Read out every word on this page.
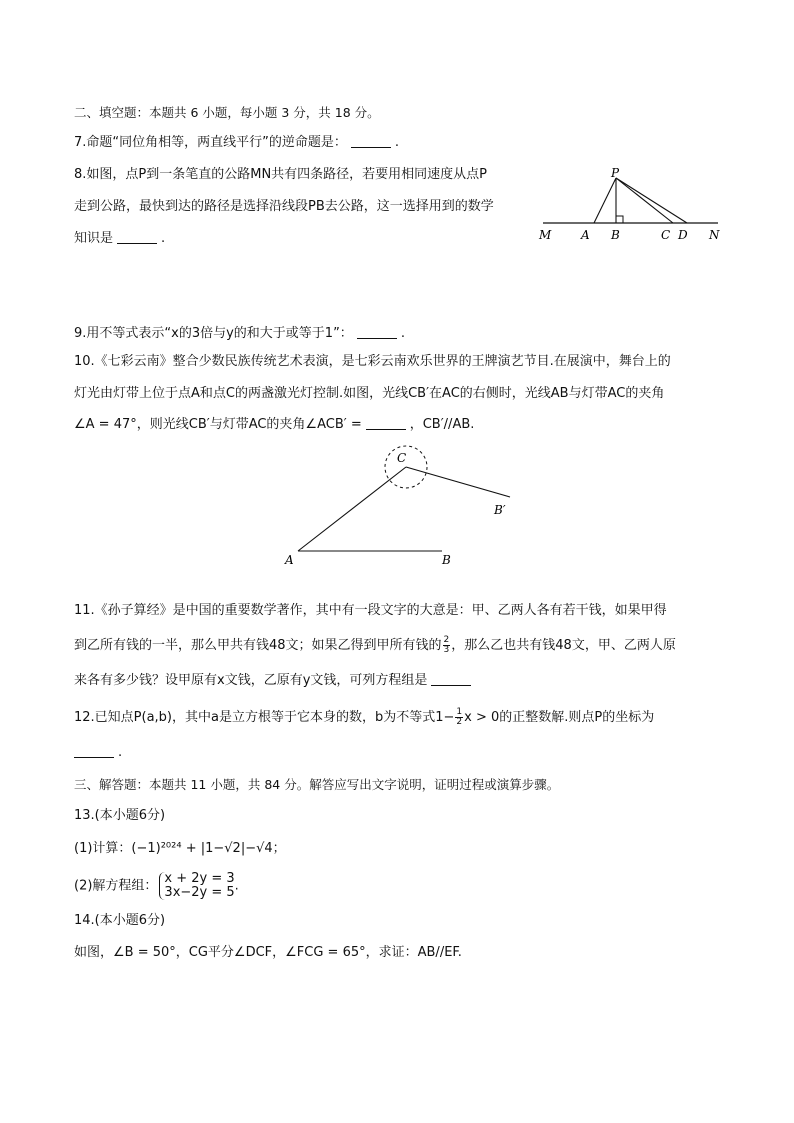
二、填空题：本题共 6 小题，每小题 3 分，共 18 分。
7.命题“同位角相等，两直线平行”的逆命题是：	.
8.如图，点P到一条笔直的公路MN共有四条路径，若要用相同速度从点P
走到公路，最快到达的路径是选择沿线段PB去公路，这一选择用到的数学
知识是	.
P
M A B	C D N
9.用不等式表示“x的3倍与y的和大于或等于1”：	.
10.《七彩云南》整合少数民族传统艺术表演，是七彩云南欢乐世界的王牌演艺节目.在展演中，舞台上的
灯光由灯带上位于点A和点C的两盏激光灯控制.如图，光线CB′在AC的右侧时，光线AB与灯带AC的夹角
∠A = 47°，则光线CB′与灯带AC的夹角∠ACB′ =	，CB′//AB.
C
B′
A	B
11.《孙子算经》是中国的重要数学著作，其中有一段文字的大意是：甲、乙两人各有若干钱，如果甲得
到乙所有钱的一半，那么甲共有钱48文；如果乙得到甲所有钱的 $\frac{2}{3}$ ，那么乙也共有钱48文，甲、乙两人原
来各有多少钱？设甲原有x文钱，乙原有y文钱，可列方程组是
12.已知点P(a,b)，其中a是立方根等于它本身的数，b为不等式$1- \frac{1}{2}$ x > 0的正整数解.则点P的坐标为
.
三、解答题：本题共 11 小题，共 84 分。解答应写出文字说明，证明过程或演算步骤。
13.(本小题6分)
(1)计算：(−1)²⁰²⁴ + |1−√2|−√4；
(2)解方程组： x + 2y = 3
3x−2y = 5 .
14.(本小题6分)
如图，∠B = 50°，CG平分∠DCF，∠FCG = 65°，求证：AB//EF.
